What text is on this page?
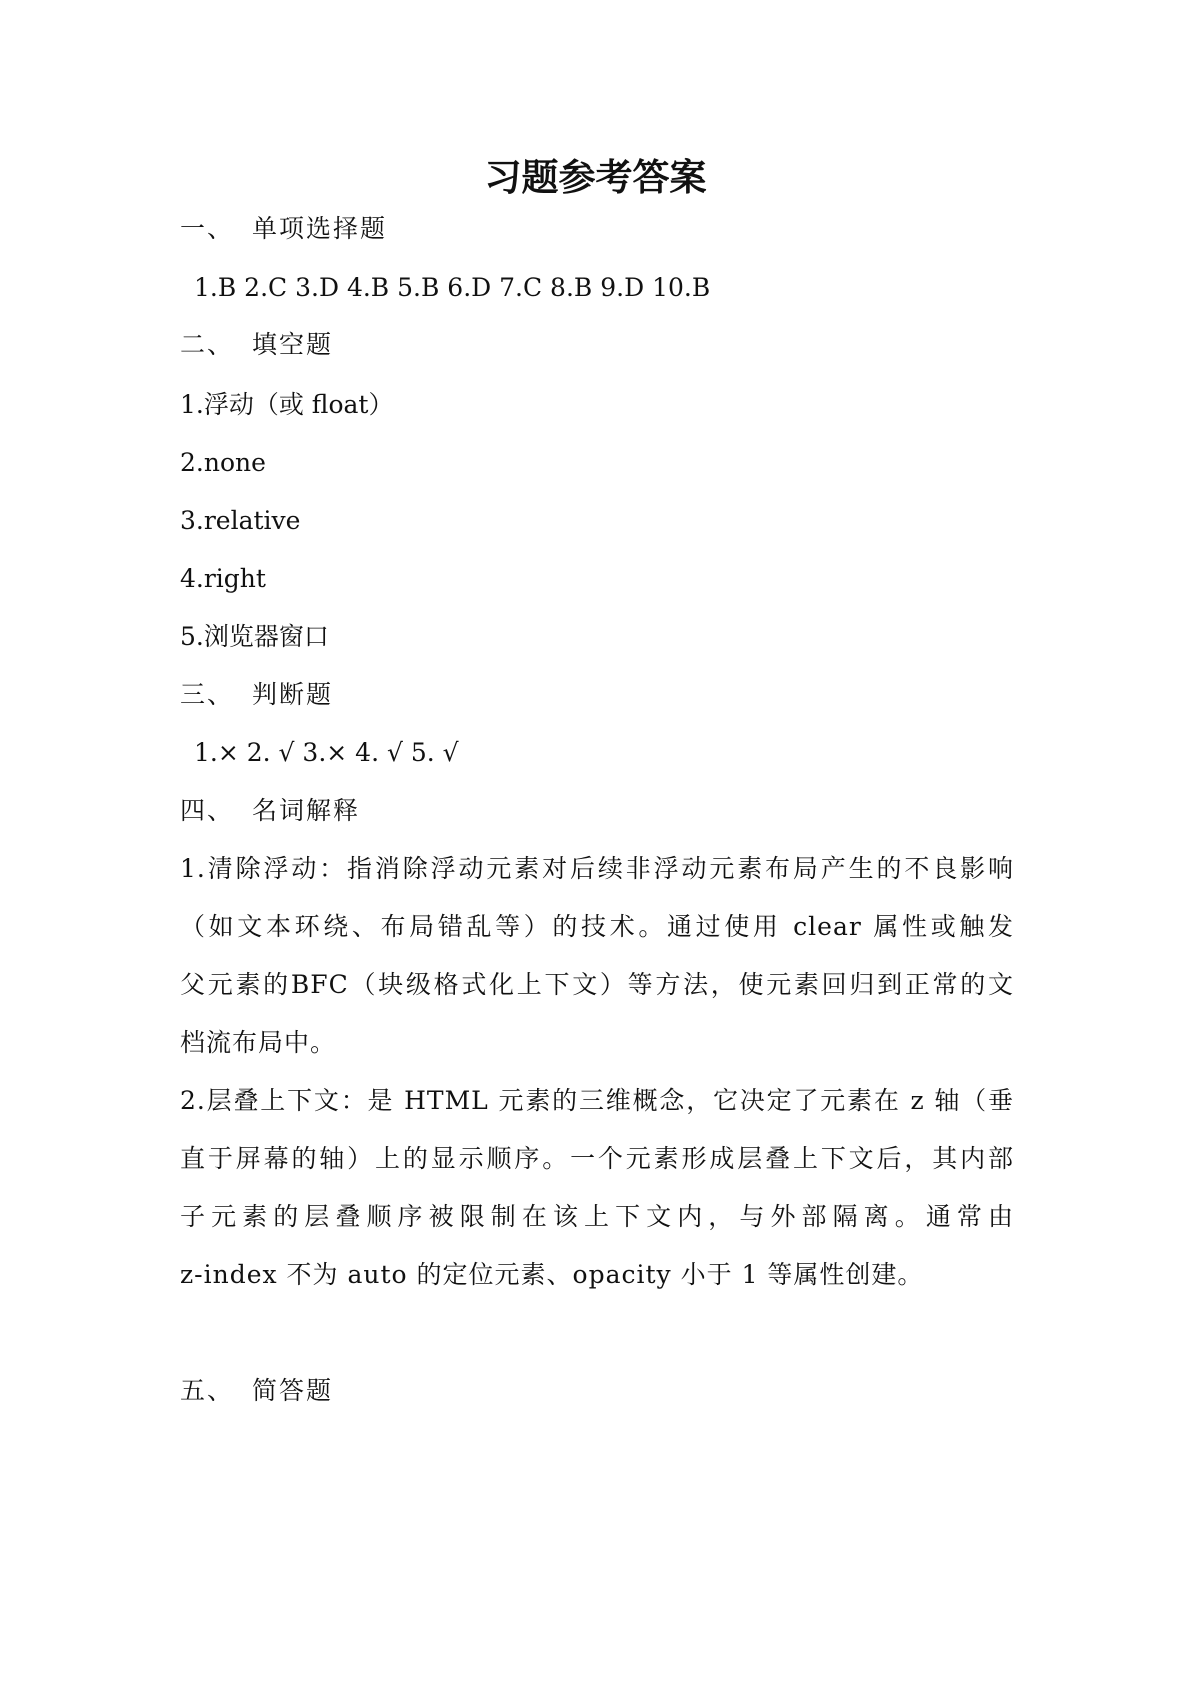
习题参考答案

一、 单项选择题

1.B 2.C 3.D 4.B 5.B 6.D 7.C 8.B 9.D 10.B

二、 填空题

1.浮动（或 float）

2.none

3.relative

4.right

5.浏览器窗口

三、 判断题

1.× 2. √ 3.× 4. √ 5. √

四、 名词解释

1.清除浮动：指消除浮动元素对后续非浮动元素布局产生的不良影响

（如文本环绕、布局错乱等）的技术。通过使用 clear 属性或触发

父元素的BFC（块级格式化上下文）等方法，使元素回归到正常的文

档流布局中。

2.层叠上下文：是 HTML 元素的三维概念，它决定了元素在 z 轴（垂

直于屏幕的轴）上的显示顺序。一个元素形成层叠上下文后，其内部

子元素的层叠顺序被限制在该上下文内，与外部隔离。通常由

z-index 不为 auto 的定位元素、opacity 小于 1 等属性创建。

五、 简答题
